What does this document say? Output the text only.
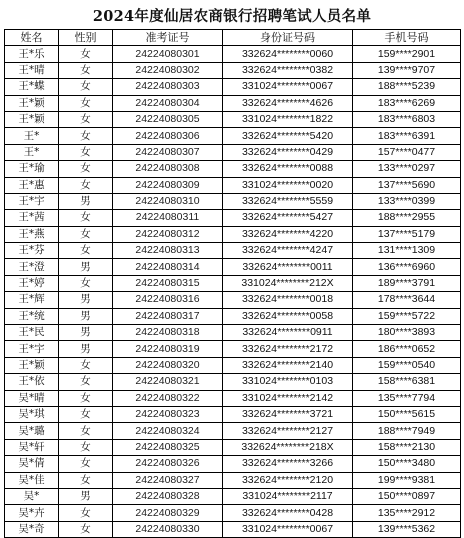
2024年度仙居农商银行招聘笔试人员名单
姓名	性别	准考证号	身份证号码	手机号码
王*乐	女	24224080301	332624********0060	159****2901
王*晴	女	24224080302	332624********0382	139****9707
王*蝶	女	24224080303	331024********0067	188****5239
王*颖	女	24224080304	332624********4626	183****6269
王*颖	女	24224080305	331024********1822	183****6803
王*	女	24224080306	332624********5420	183****6391
王*	女	24224080307	332624********0429	157****0477
王*瑜	女	24224080308	332624********0088	133****0297
王*惠	女	24224080309	331024********0020	137****5690
王*宇	男	24224080310	332624********5559	133****0399
王*茜	女	24224080311	332624********5427	188****2955
王*燕	女	24224080312	332624********4220	137****5179
王*芬	女	24224080313	332624********4247	131****1309
王*澄	男	24224080314	332624********0011	136****6960
王*婷	女	24224080315	331024********212X	189****3791
王*辉	男	24224080316	332624********0018	178****3644
王*统	男	24224080317	332624********0058	159****5722
王*民	男	24224080318	332624********0911	180****3893
王*宇	男	24224080319	332624********2172	186****0652
王*颖	女	24224080320	332624********2140	159****0540
王*依	女	24224080321	331024********0103	158****6381
吴*晴	女	24224080322	331024********2142	135****7794
吴*琪	女	24224080323	332624********3721	150****5615
吴*璐	女	24224080324	332624********2127	188****7949
吴*轩	女	24224080325	332624********218X	158****2130
吴*倩	女	24224080326	332624********3266	150****3480
吴*佳	女	24224080327	332624********2120	199****9381
吴*	男	24224080328	331024********2117	150****0897
吴*卉	女	24224080329	332624********0428	135****2912
吴*奇	女	24224080330	331024********0067	139****5362
